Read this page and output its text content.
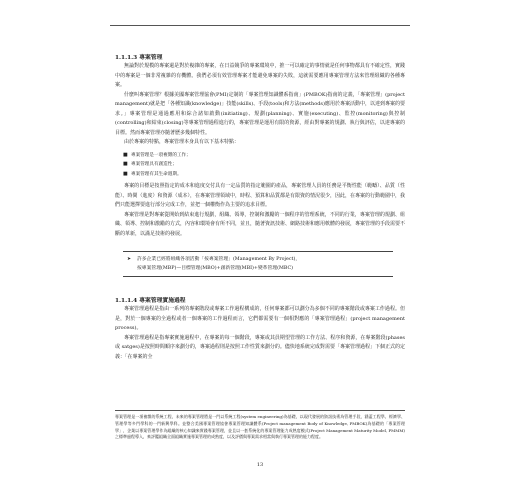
1.1.1.3 專案管理
無論對於規模的專案還是對於複雜的專案，在日益競爭的專案環境中，推一可以確定的事情就是任何事物都具有不確定性，實踐中的專案是一個非常複雜的有機體。我們必須有效管理專案才能避免專案的失敗，這就需要應用專案管理方法來管理組織的各種專案。
什麼叫專案管理？根據美國專案管理協會(PMI)定制的「專案管理知識體系指南」(PMBOK)指南的定義，「專案管理」(project management)就是把「各種知識(knowledge)」技能(skills)、手段(tools)和方法(methods)應用於專案活動中，以達到專案的要求。」專案管理是通過應用和綜合諸如啟動(initiating)、規劃(planning)、實施(executing)、監控(monitoring)與控制(controlling)和結束(closing)等專案管理過程進行的，專案管理是運用有限的資源，經由對專案的規劃、執行與評估，以達專案的目標。然而專案管理亦隨著歷多幾個特性。
由於專案的特點，專案管理本身具有以下基本特點：
■ 專案管理是一項複雜的工作；
■ 專案管理具有創造性；
■ 專案管理有其生命週期。
專案的目標是按照指定的成本和進度交付具有一定品質的指定範圍的產品，專案管理人員的任務是平衡性能（範疇）、品質（性能）、時間（進度）和資源（成本），在專案管理領域中，時程、預算和品質都是有限資的情況很少，因此，在專案的行動範圍中，我們只能選擇要進行部分完成工作，並把一個權衡作為主要的追求目標。
專案管理是對專案從開始到結束進行規劃，組織、領導，控制和激勵的一個程序的管理系統，不同的行業，專案管理的規劃、組織、領導、控制和激勵的方式，內容和環境會有所不同，並且，隨著資訊技術、網路技術和應用軟體的發展，專案管理的手段需要不斷的革新，以滿足技術的發展。
➤	許多企業已經將組織各項活動「按專案管理」(Management By Project)，
按專案管理(MBP)—目標管理(MBO)+創新管理(MBI)+變革管理(MBC)
1.1.1.4 專案管理實施過程
專案管理過程是指由一系列的專案階段或專案工作過程構成的，任何專案都可以劃分為多個不同的專案階段或專案工作過程。但是，對於一個專案的全過程或者一個專案的工作過程而言，它們都需要有一個相對應的「專案管理過程」(project management process)。
專案管理過程是指專案實施過程中，在專案的每一個階段，專案或其員期望管理的工作方法、程序和資源，在專案階段(phases 或 satges)是按照時間順序來劃分的，專案過程則是按照工作性質來劃分的。儘快地系統完成對需要「專案管理過程」下個正式的定義：「在專案的全
專案管理是一項複雜的系統工程，未來的專案管理將是一門以系統工程(system engineering)為基礎，以現代發展的資訊技術為管理手段，涵蓋工程學、經濟學、管理學等多門學科的一門新興學科。並整合美國專案管理協會專案管理知識體系(Project management Body of Knowledge, PMBOK)為基礎的「專案管理學」，企業以專案管理學作為組織的核心知識來實踐專案管理，並且以一套系統化的專案管理能力成熟度模式(Project Management Maturity Model, PMMM)之標準過程導入，來評鑑組織全面組織實施專案管理的成熟度，以及評價與專案需求相當與執行專案管理的能力程度。
13
